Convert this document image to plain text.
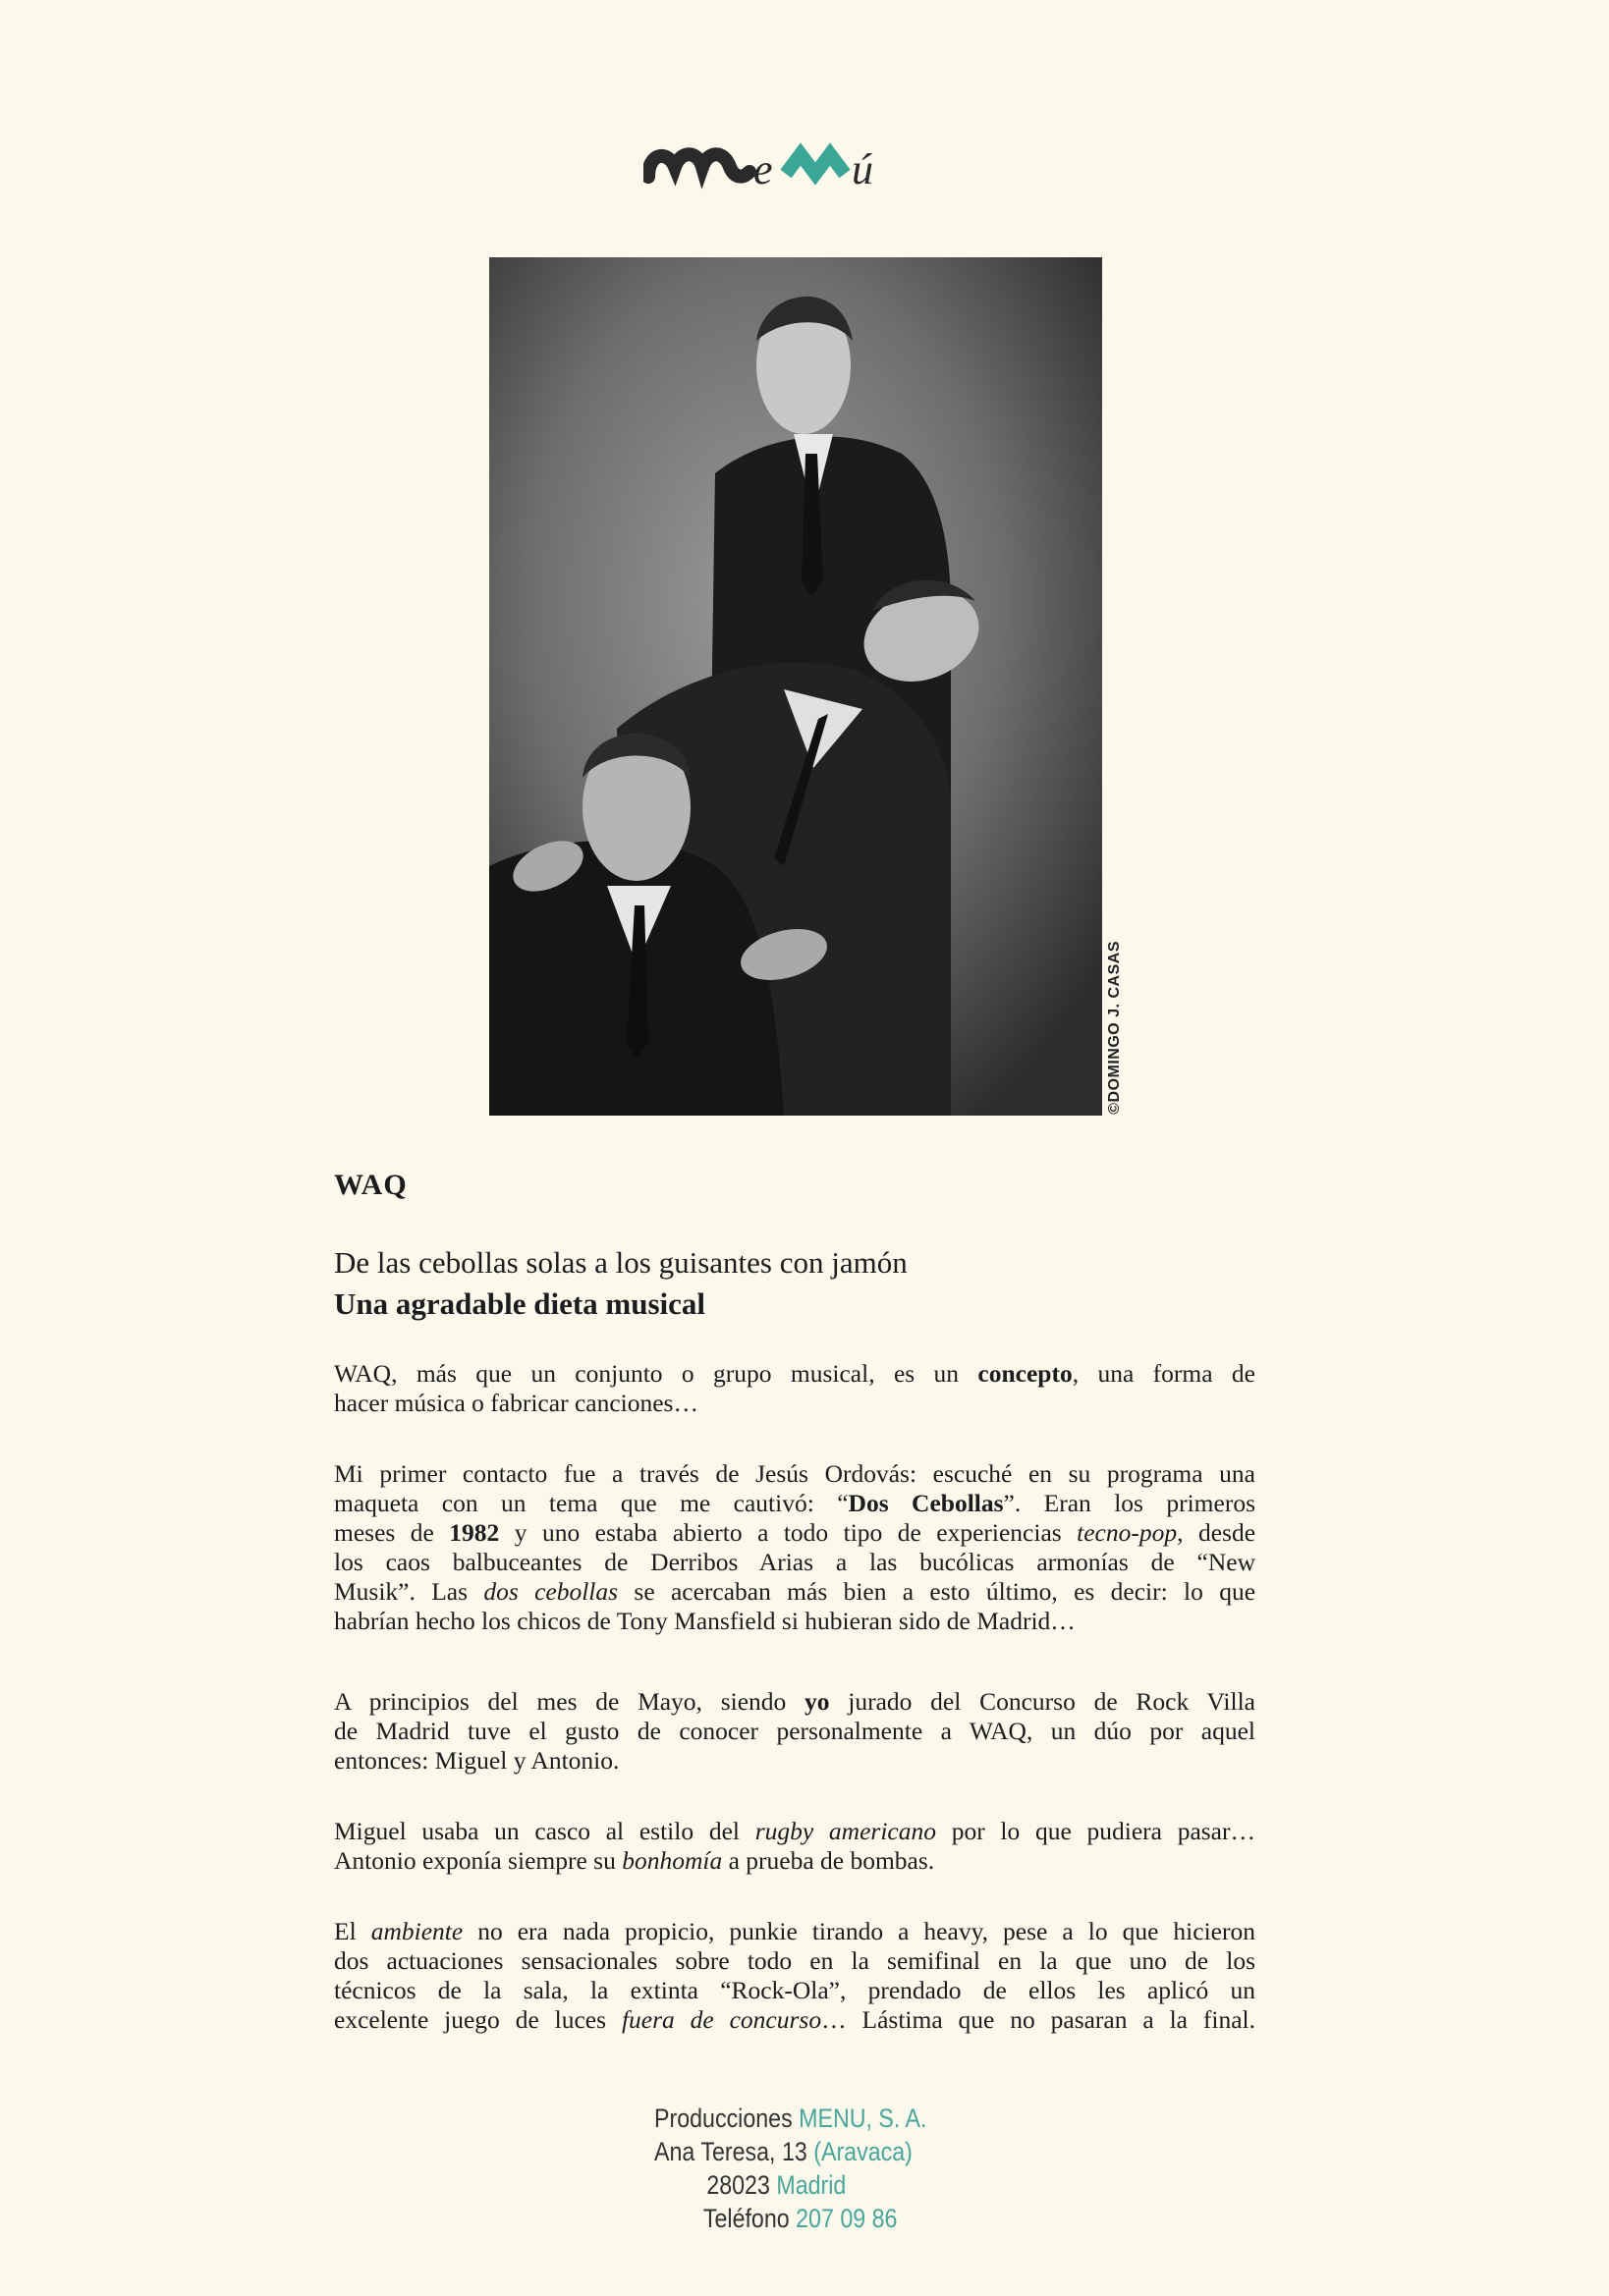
e ú
©DOMINGO J. CASAS
WAQ
De las cebollas solas a los guisantes con jamón
Una agradable dieta musical
WAQ, más que un conjunto o grupo musical, es un concepto, una forma de
hacer música o fabricar canciones…
Mi primer contacto fue a través de Jesús Ordovás: escuché en su programa una
maqueta con un tema que me cautivó: “Dos Cebollas”. Eran los primeros
meses de 1982 y uno estaba abierto a todo tipo de experiencias tecno-pop, desde
los caos balbuceantes de Derribos Arias a las bucólicas armonías de “New
Musik”. Las dos cebollas se acercaban más bien a esto último, es decir: lo que
habrían hecho los chicos de Tony Mansfield si hubieran sido de Madrid…
A principios del mes de Mayo, siendo yo jurado del Concurso de Rock Villa
de Madrid tuve el gusto de conocer personalmente a WAQ, un dúo por aquel
entonces: Miguel y Antonio.
Miguel usaba un casco al estilo del rugby americano por lo que pudiera pasar…
Antonio exponía siempre su bonhomía a prueba de bombas.
El ambiente no era nada propicio, punkie tirando a heavy, pese a lo que hicieron
dos actuaciones sensacionales sobre todo en la semifinal en la que uno de los
técnicos de la sala, la extinta “Rock-Ola”, prendado de ellos les aplicó un
excelente juego de luces fuera de concurso… Lástima que no pasaran a la final.
Producciones MENU, S. A.
Ana Teresa, 13 (Aravaca)
28023 Madrid
Teléfono 207 09 86
